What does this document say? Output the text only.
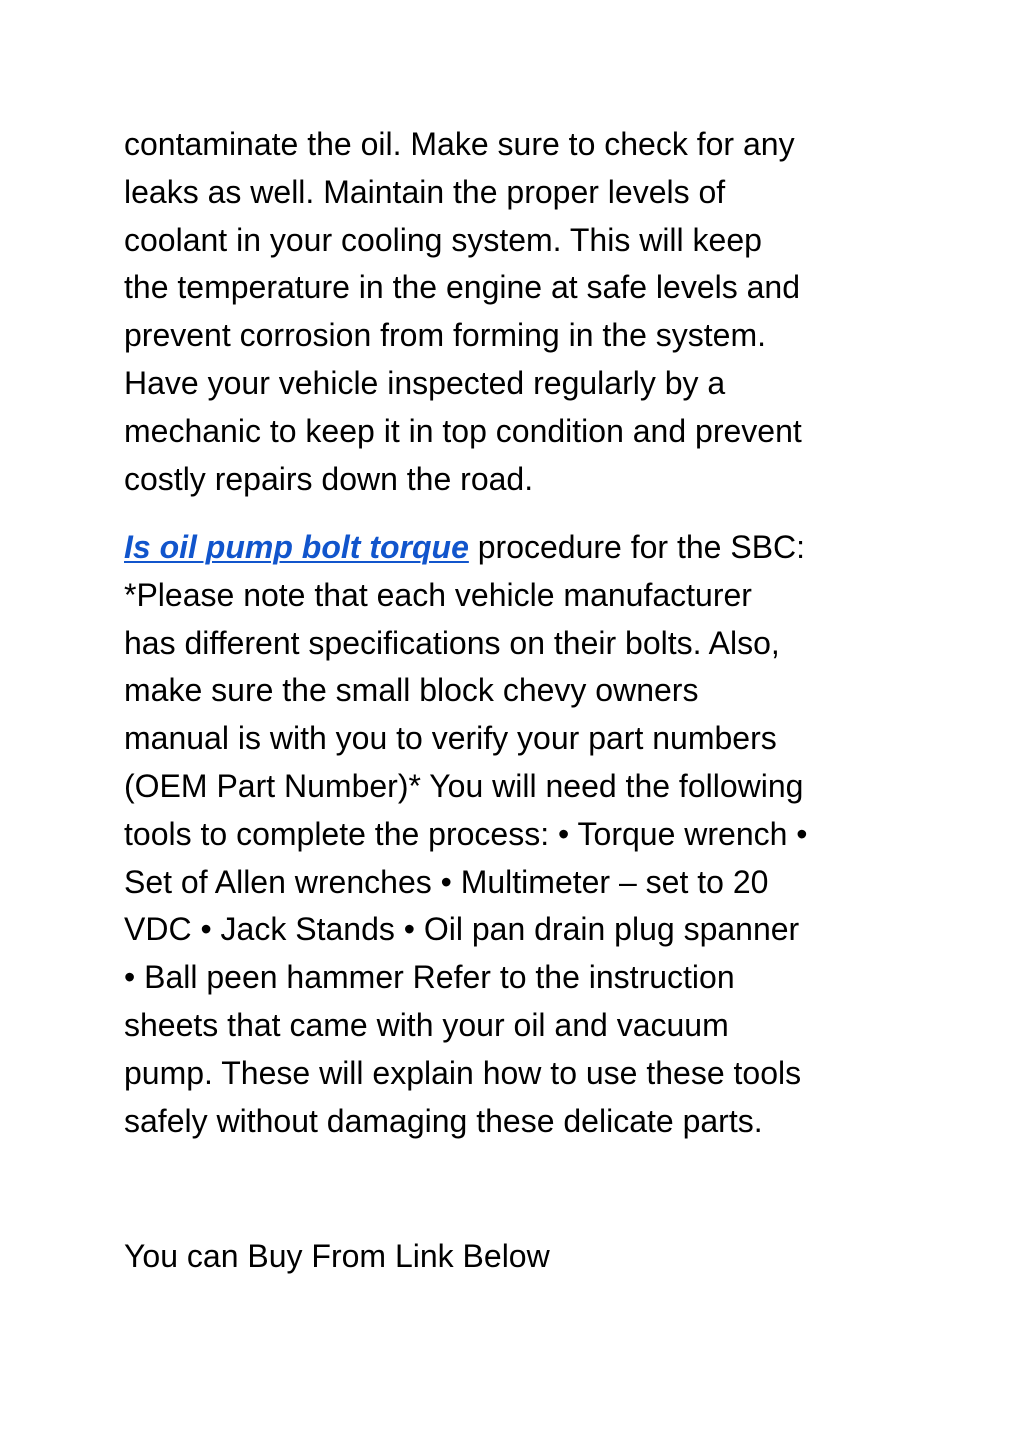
contaminate the oil. Make sure to check for any
leaks as well. Maintain the proper levels of
coolant in your cooling system. This will keep
the temperature in the engine at safe levels and
prevent corrosion from forming in the system.
Have your vehicle inspected regularly by a
mechanic to keep it in top condition and prevent
costly repairs down the road.

Is oil pump bolt torque procedure for the SBC:
*Please note that each vehicle manufacturer
has different specifications on their bolts. Also,
make sure the small block chevy owners
manual is with you to verify your part numbers
(OEM Part Number)* You will need the following
tools to complete the process: • Torque wrench •
Set of Allen wrenches • Multimeter – set to 20
VDC • Jack Stands • Oil pan drain plug spanner
• Ball peen hammer Refer to the instruction
sheets that came with your oil and vacuum
pump. These will explain how to use these tools
safely without damaging these delicate parts.

You can Buy From Link Below
